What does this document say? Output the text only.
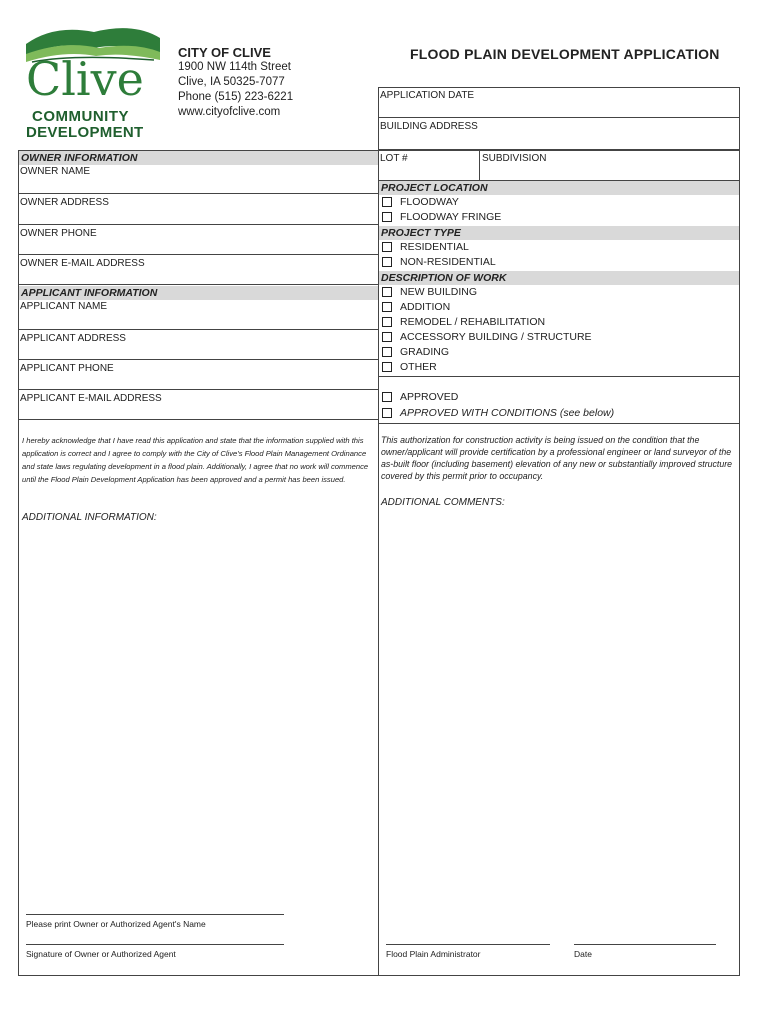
Clive
COMMUNITY
DEVELOPMENT
CITY OF CLIVE
1900 NW 114th Street
Clive, IA 50325-7077
Phone (515) 223-6221
www.cityofclive.com
FLOOD PLAIN DEVELOPMENT APPLICATION
APPLICATION DATE
BUILDING ADDRESS
LOT #	SUBDIVISION
OWNER INFORMATION
OWNER NAME
OWNER ADDRESS
OWNER PHONE
OWNER E-MAIL ADDRESS
APPLICANT INFORMATION
APPLICANT NAME
APPLICANT ADDRESS
APPLICANT PHONE
APPLICANT E-MAIL ADDRESS
I hereby acknowledge that I have read this application and state that the information supplied with this application is correct and I agree to comply with the City of Clive's Flood Plain Management Ordinance and state laws regulating development in a flood plain. Additionally, I agree that no work will commence until the Flood Plain Development Application has been approved and a permit has been issued.
ADDITIONAL INFORMATION:
PROJECT LOCATION
FLOODWAY
FLOODWAY FRINGE
PROJECT TYPE
RESIDENTIAL
NON-RESIDENTIAL
DESCRIPTION OF WORK
NEW BUILDING
ADDITION
REMODEL / REHABILITATION
ACCESSORY BUILDING / STRUCTURE
GRADING
OTHER
APPROVED
APPROVED WITH CONDITIONS (see below)
This authorization for construction activity is being issued on the condition that the owner/applicant will provide certification by a professional engineer or land surveyor of the as-built floor (including basement) elevation of any new or substantially improved structure covered by this permit prior to occupancy.
ADDITIONAL COMMENTS:
Please print Owner or Authorized Agent's Name
Signature of Owner or Authorized Agent	Flood Plain Administrator	Date
